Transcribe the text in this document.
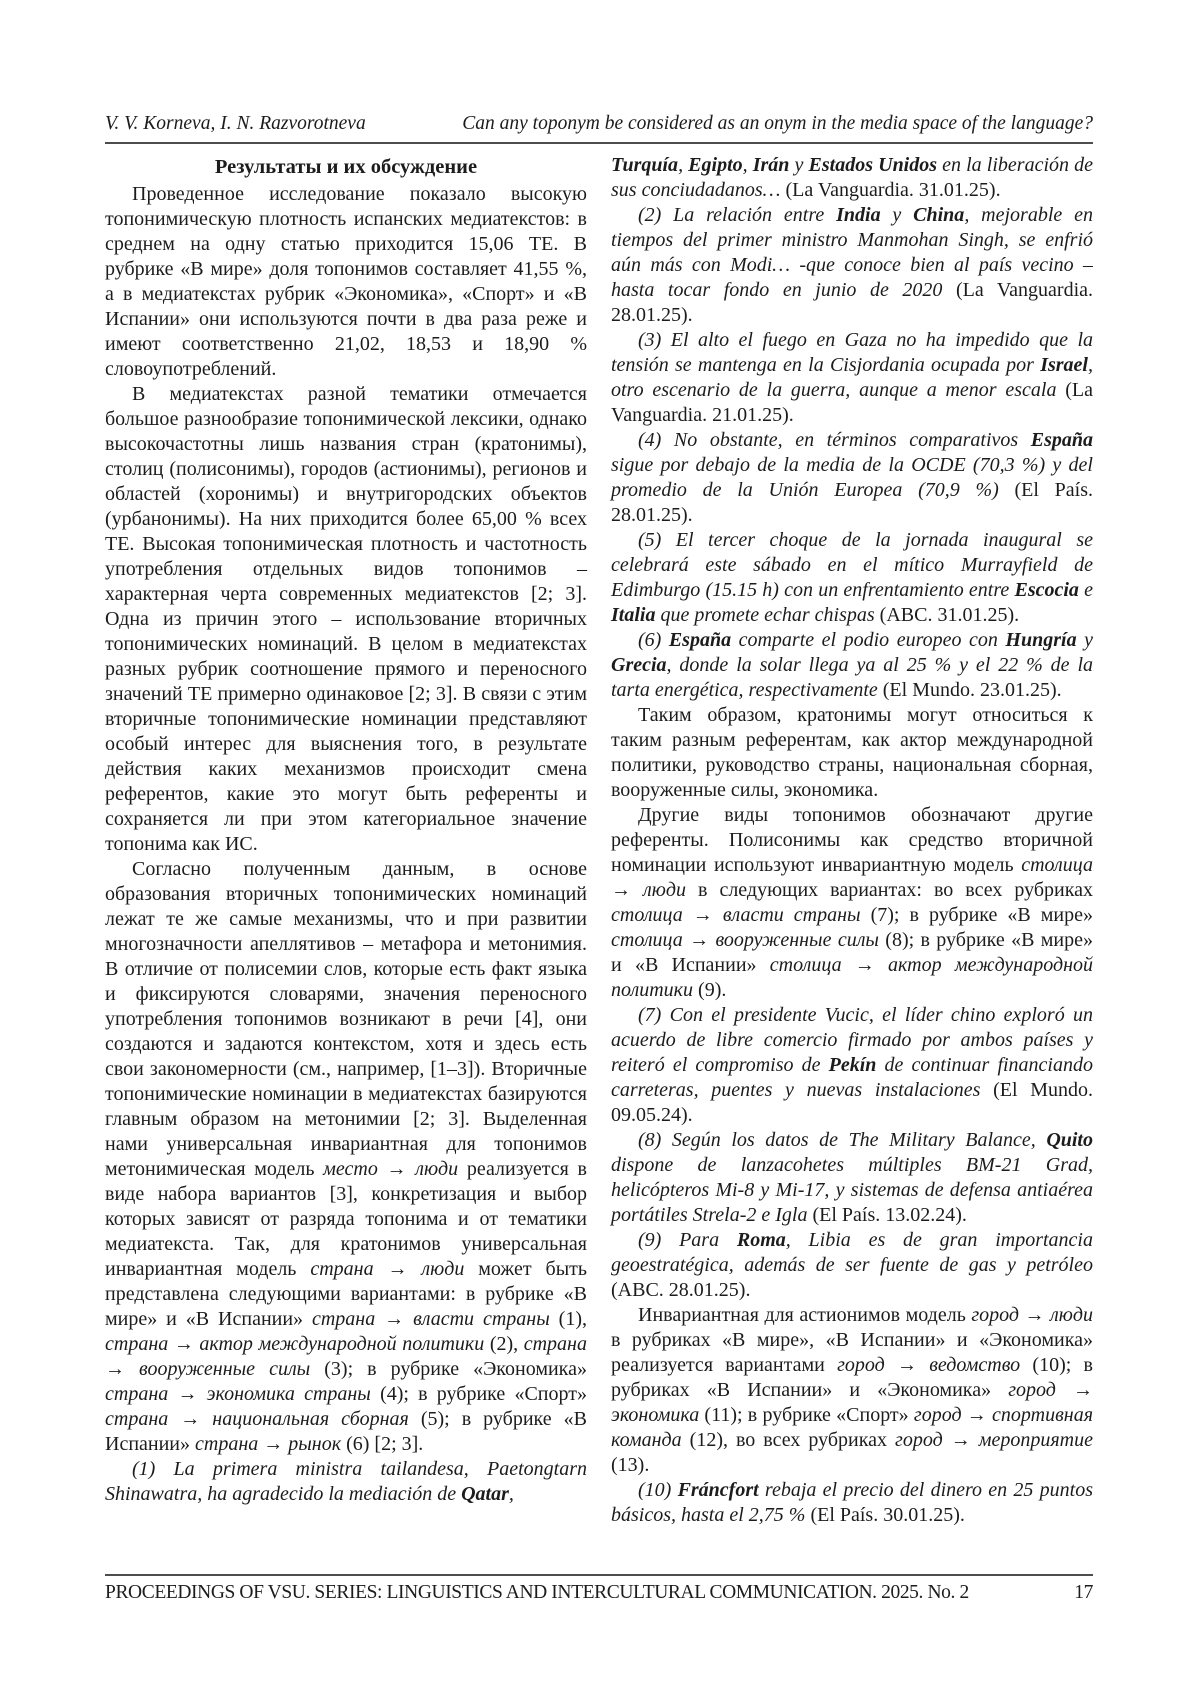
V. V. Korneva, I. N. Razvorotneva	Can any toponym be considered as an onym in the media space of the language?
Результаты и их обсуждение

Проведенное исследование показало высокую топонимическую плотность испанских медиатекстов: в среднем на одну статью приходится 15,06 ТЕ. В рубрике «В мире» доля топонимов составляет 41,55 %, а в медиатекстах рубрик «Экономика», «Спорт» и «В Испании» они используются почти в два раза реже и имеют соответственно 21,02, 18,53 и 18,90 % словоупотреблений.

В медиатекстах разной тематики отмечается большое разнообразие топонимической лексики, однако высокочастотны лишь названия стран (кратонимы), столиц (полисонимы), городов (астионимы), регионов и областей (хоронимы) и внутригородских объектов (урбанонимы). На них приходится более 65,00 % всех ТЕ. Высокая топонимическая плотность и частотность употребления отдельных видов топонимов – характерная черта современных медиатекстов [2; 3]. Одна из причин этого – использование вторичных топонимических номинаций. В целом в медиатекстах разных рубрик соотношение прямого и переносного значений ТЕ примерно одинаковое [2; 3]. В связи с этим вторичные топонимические номинации представляют особый интерес для выяснения того, в результате действия каких механизмов происходит смена референтов, какие это могут быть референты и сохраняется ли при этом категориальное значение топонима как ИС.

Согласно полученным данным, в основе образования вторичных топонимических номинаций лежат те же самые механизмы, что и при развитии многозначности апеллятивов – метафора и метонимия. В отличие от полисемии слов, которые есть факт языка и фиксируются словарями, значения переносного употребления топонимов возникают в речи [4], они создаются и задаются контекстом, хотя и здесь есть свои закономерности (см., например, [1–3]). Вторичные топонимические номинации в медиатекстах базируются главным образом на метонимии [2; 3]. Выделенная нами универсальная инвариантная для топонимов метонимическая модель место → люди реализуется в виде набора вариантов [3], конкретизация и выбор которых зависят от разряда топонима и от тематики медиатекста. Так, для кратонимов универсальная инвариантная модель страна → люди может быть представлена следующими вариантами: в рубрике «В мире» и «В Испании» страна → власти страны (1), страна → актор международной политики (2), страна → вооруженные силы (3); в рубрике «Экономика» страна → экономика страны (4); в рубрике «Спорт» страна → национальная сборная (5); в рубрике «В Испании» страна → рынок (6) [2; 3].

(1) La primera ministra tailandesa, Paetongtarn Shinawatra, ha agradecido la mediación de Qatar,

Turquía, Egipto, Irán y Estados Unidos en la liberación de sus conciudadanos… (La Vanguardia. 31.01.25).

(2) La relación entre India y China, mejorable en tiempos del primer ministro Manmohan Singh, se enfrió aún más con Modi… -que conoce bien al país vecino – hasta tocar fondo en junio de 2020 (La Vanguardia. 28.01.25).

(3) El alto el fuego en Gaza no ha impedido que la tensión se mantenga en la Cisjordania ocupada por Israel, otro escenario de la guerra, aunque a menor escala (La Vanguardia. 21.01.25).

(4) No obstante, en términos comparativos España sigue por debajo de la media de la OCDE (70,3 %) y del promedio de la Unión Europea (70,9 %) (El País. 28.01.25).

(5) El tercer choque de la jornada inaugural se celebrará este sábado en el mítico Murrayfield de Edimburgo (15.15 h) con un enfrentamiento entre Escocia e Italia que promete echar chispas (ABC. 31.01.25).

(6) España comparte el podio europeo con Hungría y Grecia, donde la solar llega ya al 25 % y el 22 % de la tarta energética, respectivamente (El Mundo. 23.01.25).

Таким образом, кратонимы могут относиться к таким разным референтам, как актор международной политики, руководство страны, национальная сборная, вооруженные силы, экономика.

Другие виды топонимов обозначают другие референты. Полисонимы как средство вторичной номинации используют инвариантную модель столица → люди в следующих вариантах: во всех рубриках столица → власти страны (7); в рубрике «В мире» столица → вооруженные силы (8); в рубрике «В мире» и «В Испании» столица → актор международной политики (9).

(7) Con el presidente Vucic, el líder chino exploró un acuerdo de libre comercio firmado por ambos países y reiteró el compromiso de Pekín de continuar financiando carreteras, puentes y nuevas instalaciones (El Mundo. 09.05.24).

(8) Según los datos de The Military Balance, Quito dispone de lanzacohetes múltiples BM-21 Grad, helicópteros Mi-8 y Mi-17, y sistemas de defensa antiaérea portátiles Strela-2 e Igla (El País. 13.02.24).

(9) Para Roma, Libia es de gran importancia geoestratégica, además de ser fuente de gas y petróleo (ABC. 28.01.25).

Инвариантная для астионимов модель город → люди в рубриках «В мире», «В Испании» и «Экономика» реализуется вариантами город → ведомство (10); в рубриках «В Испании» и «Экономика» город → экономика (11); в рубрике «Спорт» город → спортивная команда (12), во всех рубриках город → мероприятие (13).

(10) Fráncfort rebaja el precio del dinero en 25 puntos básicos, hasta el 2,75 % (El País. 30.01.25).

PROCEEDINGS OF VSU. SERIES: LINGUISTICS AND INTERCULTURAL COMMUNICATION. 2025. No. 2	17
